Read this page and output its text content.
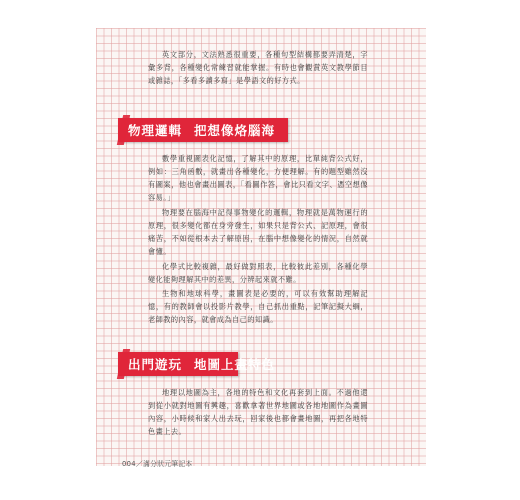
英文部分，文法熟悉很重要，各種句型結構都要弄清楚，字彙多背，各種變化常練習就能掌握。有時也會觀賞英文教學節目或雜誌，「多看多讀多寫」是學語文的好方式。

物理邏輯 把想像烙腦海

數學重視圖表化記憶，了解其中的原理，比單純背公式好，例如：三角函數，就畫出各種變化，方便理解。有的題型雖然沒有圖案，他也會畫出圖表，「看圖作答，會比只看文字、憑空想像容易。」

物理要在腦海中記得事物變化的邏輯，物理就是萬物運行的原理，很多變化都在身旁發生，如果只是背公式、記原理，會很痛苦，不如從根本去了解原因，在腦中想像變化的情況，自然就會懂。

化學式比較複雜，最好做對照表，比較彼此差別，各種化學變化能夠理解其中的差異，分辨起來就不難。

生物和地球科學，畫圖表是必要的，可以有效幫助理解記憶，有的教師會以投影片教學，自己抓出重點，記筆記擬大綱，老師教的內容，就會成為自己的知識。

出門遊玩 地圖上畫特色

地理以地圖為主，各地的特色和文化再套到上面。不過他還到從小就對地圖有興趣，喜歡拿著世界地圖或各地地圖作為畫圖內容，小時候和家人出去玩，回家後也都會畫地圖，再把各地特色畫上去。

004／滿分狀元筆記本
